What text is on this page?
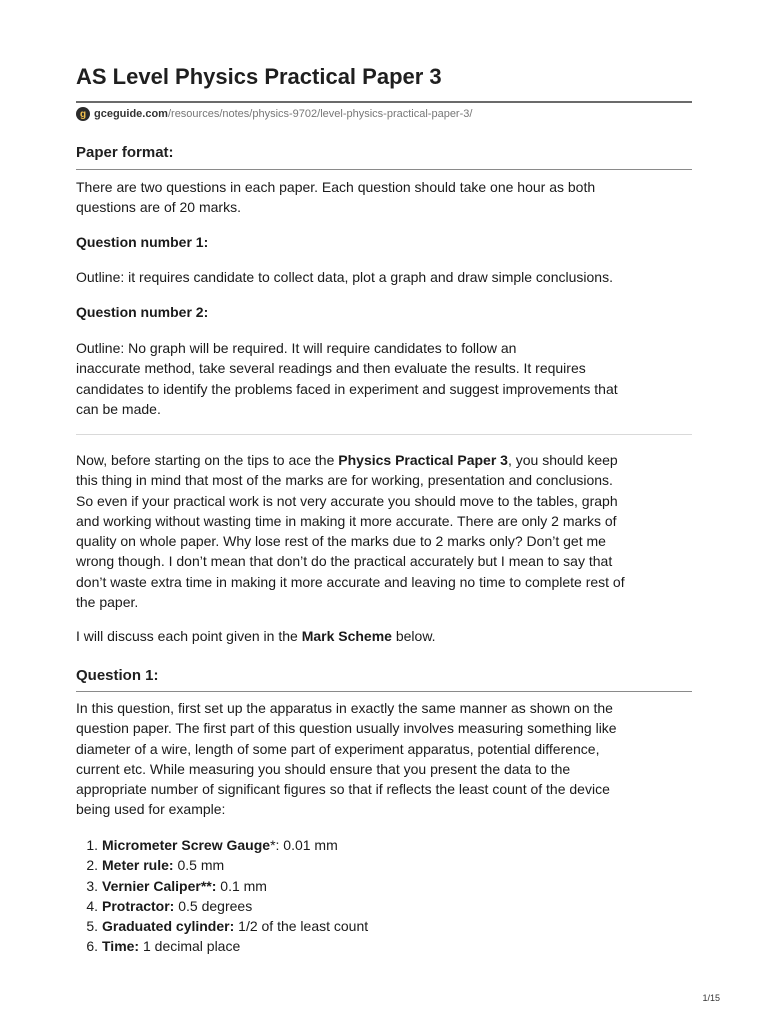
AS Level Physics Practical Paper 3
g gceguide.com /resources/notes/physics-9702/level-physics-practical-paper-3/
Paper format:

There are two questions in each paper. Each question should take one hour as both
questions are of 20 marks.

Question number 1:

Outline: it requires candidate to collect data, plot a graph and draw simple conclusions.

Question number 2:

Outline: No graph will be required. It will require candidates to follow an
inaccurate method, take several readings and then evaluate the results. It requires
candidates to identify the problems faced in experiment and suggest improvements that
can be made.

Now, before starting on the tips to ace the Physics Practical Paper 3, you should keep
this thing in mind that most of the marks are for working, presentation and conclusions.
So even if your practical work is not very accurate you should move to the tables, graph
and working without wasting time in making it more accurate. There are only 2 marks of
quality on whole paper. Why lose rest of the marks due to 2 marks only? Don’t get me
wrong though. I don’t mean that don’t do the practical accurately but I mean to say that
don’t waste extra time in making it more accurate and leaving no time to complete rest of
the paper.

I will discuss each point given in the Mark Scheme below.

Question 1:

In this question, first set up the apparatus in exactly the same manner as shown on the
question paper. The first part of this question usually involves measuring something like
diameter of a wire, length of some part of experiment apparatus, potential difference,
current etc. While measuring you should ensure that you present the data to the
appropriate number of significant figures so that if reflects the least count of the device
being used for example:

1. Micrometer Screw Gauge*: 0.01 mm
2. Meter rule: 0.5 mm
3. Vernier Caliper**: 0.1 mm
4. Protractor: 0.5 degrees
5. Graduated cylinder: 1/2 of the least count
6. Time: 1 decimal place
1/15
